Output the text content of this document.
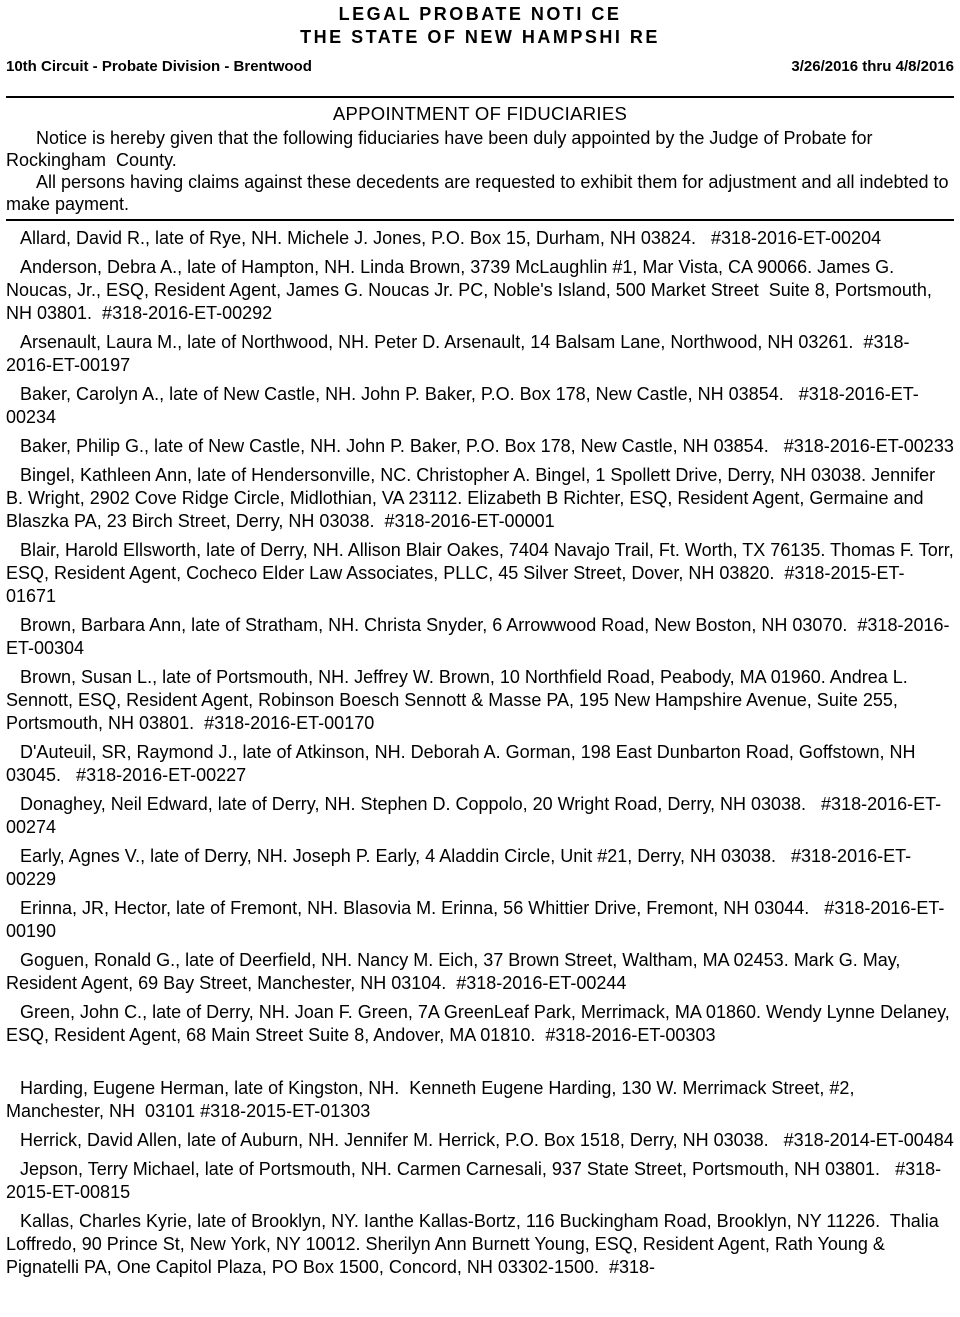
LEGAL PROBATE NOTI CE
THE STATE OF NEW HAMPSHI RE
10th Circuit - Probate Division - Brentwood	3/26/2016 thru 4/8/2016
APPOINTMENT OF FIDUCIARIES

Notice is hereby given that the following fiduciaries have been duly appointed by the Judge of Probate for Rockingham  County.

All persons having claims against these decedents are requested to exhibit them for adjustment and all indebted to make payment.

Allard, David R., late of Rye, NH. Michele J. Jones, P.O. Box 15, Durham, NH 03824.   #318-2016-ET-00204

Anderson, Debra A., late of Hampton, NH. Linda Brown, 3739 McLaughlin #1, Mar Vista, CA 90066. James G. Noucas, Jr., ESQ, Resident Agent, James G. Noucas Jr. PC, Noble's Island, 500 Market Street  Suite 8, Portsmouth, NH 03801.  #318-2016-ET-00292

Arsenault, Laura M., late of Northwood, NH. Peter D. Arsenault, 14 Balsam Lane, Northwood, NH 03261.  #318-2016-ET-00197

Baker, Carolyn A., late of New Castle, NH. John P. Baker, P.O. Box 178, New Castle, NH 03854.   #318-2016-ET-00234

Baker, Philip G., late of New Castle, NH. John P. Baker, P.O. Box 178, New Castle, NH 03854.   #318-2016-ET-00233

Bingel, Kathleen Ann, late of Hendersonville, NC. Christopher A. Bingel, 1 Spollett Drive, Derry, NH 03038. Jennifer B. Wright, 2902 Cove Ridge Circle, Midlothian, VA 23112. Elizabeth B Richter, ESQ, Resident Agent, Germaine and Blaszka PA, 23 Birch Street, Derry, NH 03038.  #318-2016-ET-00001

Blair, Harold Ellsworth, late of Derry, NH. Allison Blair Oakes, 7404 Navajo Trail, Ft. Worth, TX 76135. Thomas F. Torr, ESQ, Resident Agent, Cocheco Elder Law Associates, PLLC, 45 Silver Street, Dover, NH 03820.  #318-2015-ET-01671

Brown, Barbara Ann, late of Stratham, NH. Christa Snyder, 6 Arrowwood Road, New Boston, NH 03070.  #318-2016-ET-00304

Brown, Susan L., late of Portsmouth, NH. Jeffrey W. Brown, 10 Northfield Road, Peabody, MA 01960. Andrea L. Sennott, ESQ, Resident Agent, Robinson Boesch Sennott & Masse PA, 195 New Hampshire Avenue, Suite 255, Portsmouth, NH 03801.  #318-2016-ET-00170

D'Auteuil, SR, Raymond J., late of Atkinson, NH. Deborah A. Gorman, 198 East Dunbarton Road, Goffstown, NH 03045.   #318-2016-ET-00227

Donaghey, Neil Edward, late of Derry, NH. Stephen D. Coppolo, 20 Wright Road, Derry, NH 03038.   #318-2016-ET-00274

Early, Agnes V., late of Derry, NH. Joseph P. Early, 4 Aladdin Circle, Unit #21, Derry, NH 03038.   #318-2016-ET-00229

Erinna, JR, Hector, late of Fremont, NH. Blasovia M. Erinna, 56 Whittier Drive, Fremont, NH 03044.   #318-2016-ET-00190

Goguen, Ronald G., late of Deerfield, NH. Nancy M. Eich, 37 Brown Street, Waltham, MA 02453. Mark G. May, Resident Agent, 69 Bay Street, Manchester, NH 03104.  #318-2016-ET-00244

Green, John C., late of Derry, NH. Joan F. Green, 7A GreenLeaf Park, Merrimack, MA 01860. Wendy Lynne Delaney, ESQ, Resident Agent, 68 Main Street Suite 8, Andover, MA 01810.  #318-2016-ET-00303

Harding, Eugene Herman, late of Kingston, NH.  Kenneth Eugene Harding, 130 W. Merrimack Street, #2, Manchester, NH  03101 #318-2015-ET-01303

Herrick, David Allen, late of Auburn, NH. Jennifer M. Herrick, P.O. Box 1518, Derry, NH 03038.   #318-2014-ET-00484

Jepson, Terry Michael, late of Portsmouth, NH. Carmen Carnesali, 937 State Street, Portsmouth, NH 03801.   #318-2015-ET-00815

Kallas, Charles Kyrie, late of Brooklyn, NY. Ianthe Kallas-Bortz, 116 Buckingham Road, Brooklyn, NY 11226.  Thalia Loffredo, 90 Prince St, New York, NY 10012. Sherilyn Ann Burnett Young, ESQ, Resident Agent, Rath Young & Pignatelli PA, One Capitol Plaza, PO Box 1500, Concord, NH 03302-1500.  #318-
